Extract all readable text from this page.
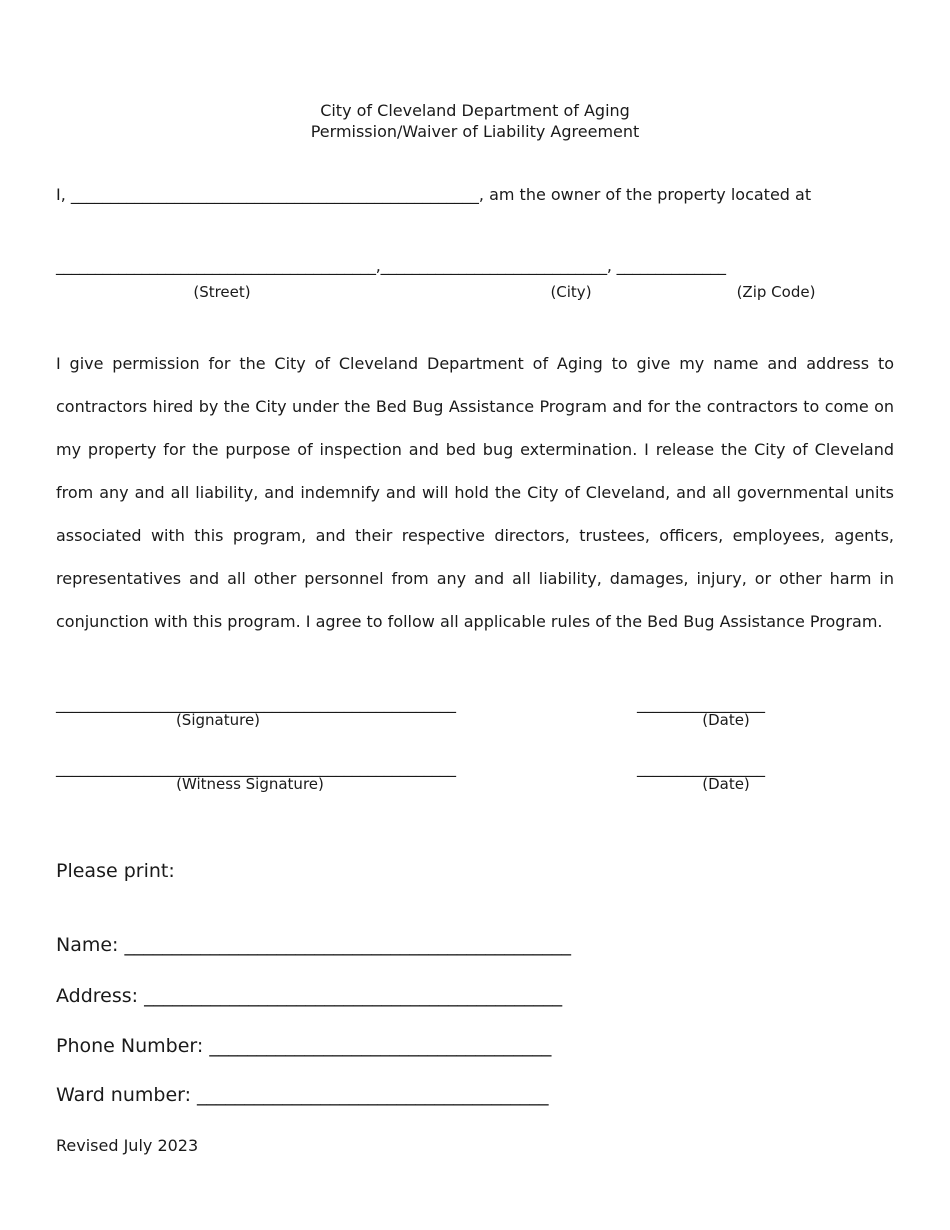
City of Cleveland Department of Aging
Permission/Waiver of Liability Agreement
I, ___________________________________________________, am the owner of the property located at
_________________________________________,_____________________________, ______________
(Street)	(City)	(Zip Code)
I give permission for the City of Cleveland Department of Aging to give my name and address to contractors hired by the City under the Bed Bug Assistance Program and for the contractors to come on my property for the purpose of inspection and bed bug extermination. I release the City of Cleveland from any and all liability, and indemnify and will hold the City of Cleveland, and all governmental units associated with this program, and their respective directors, trustees, officers, employees, agents, representatives and all other personnel from any and all liability, damages, injury, or other harm in conjunction with this program. I agree to follow all applicable rules of the Bed Bug Assistance Program.
__________________________________________________	________________
(Signature)	(Date)
__________________________________________________	________________
(Witness Signature)	(Date)
Please print:
Name: _______________________________________________
Address: ____________________________________________
Phone Number: ____________________________________
Ward number: _____________________________________
Revised July 2023
